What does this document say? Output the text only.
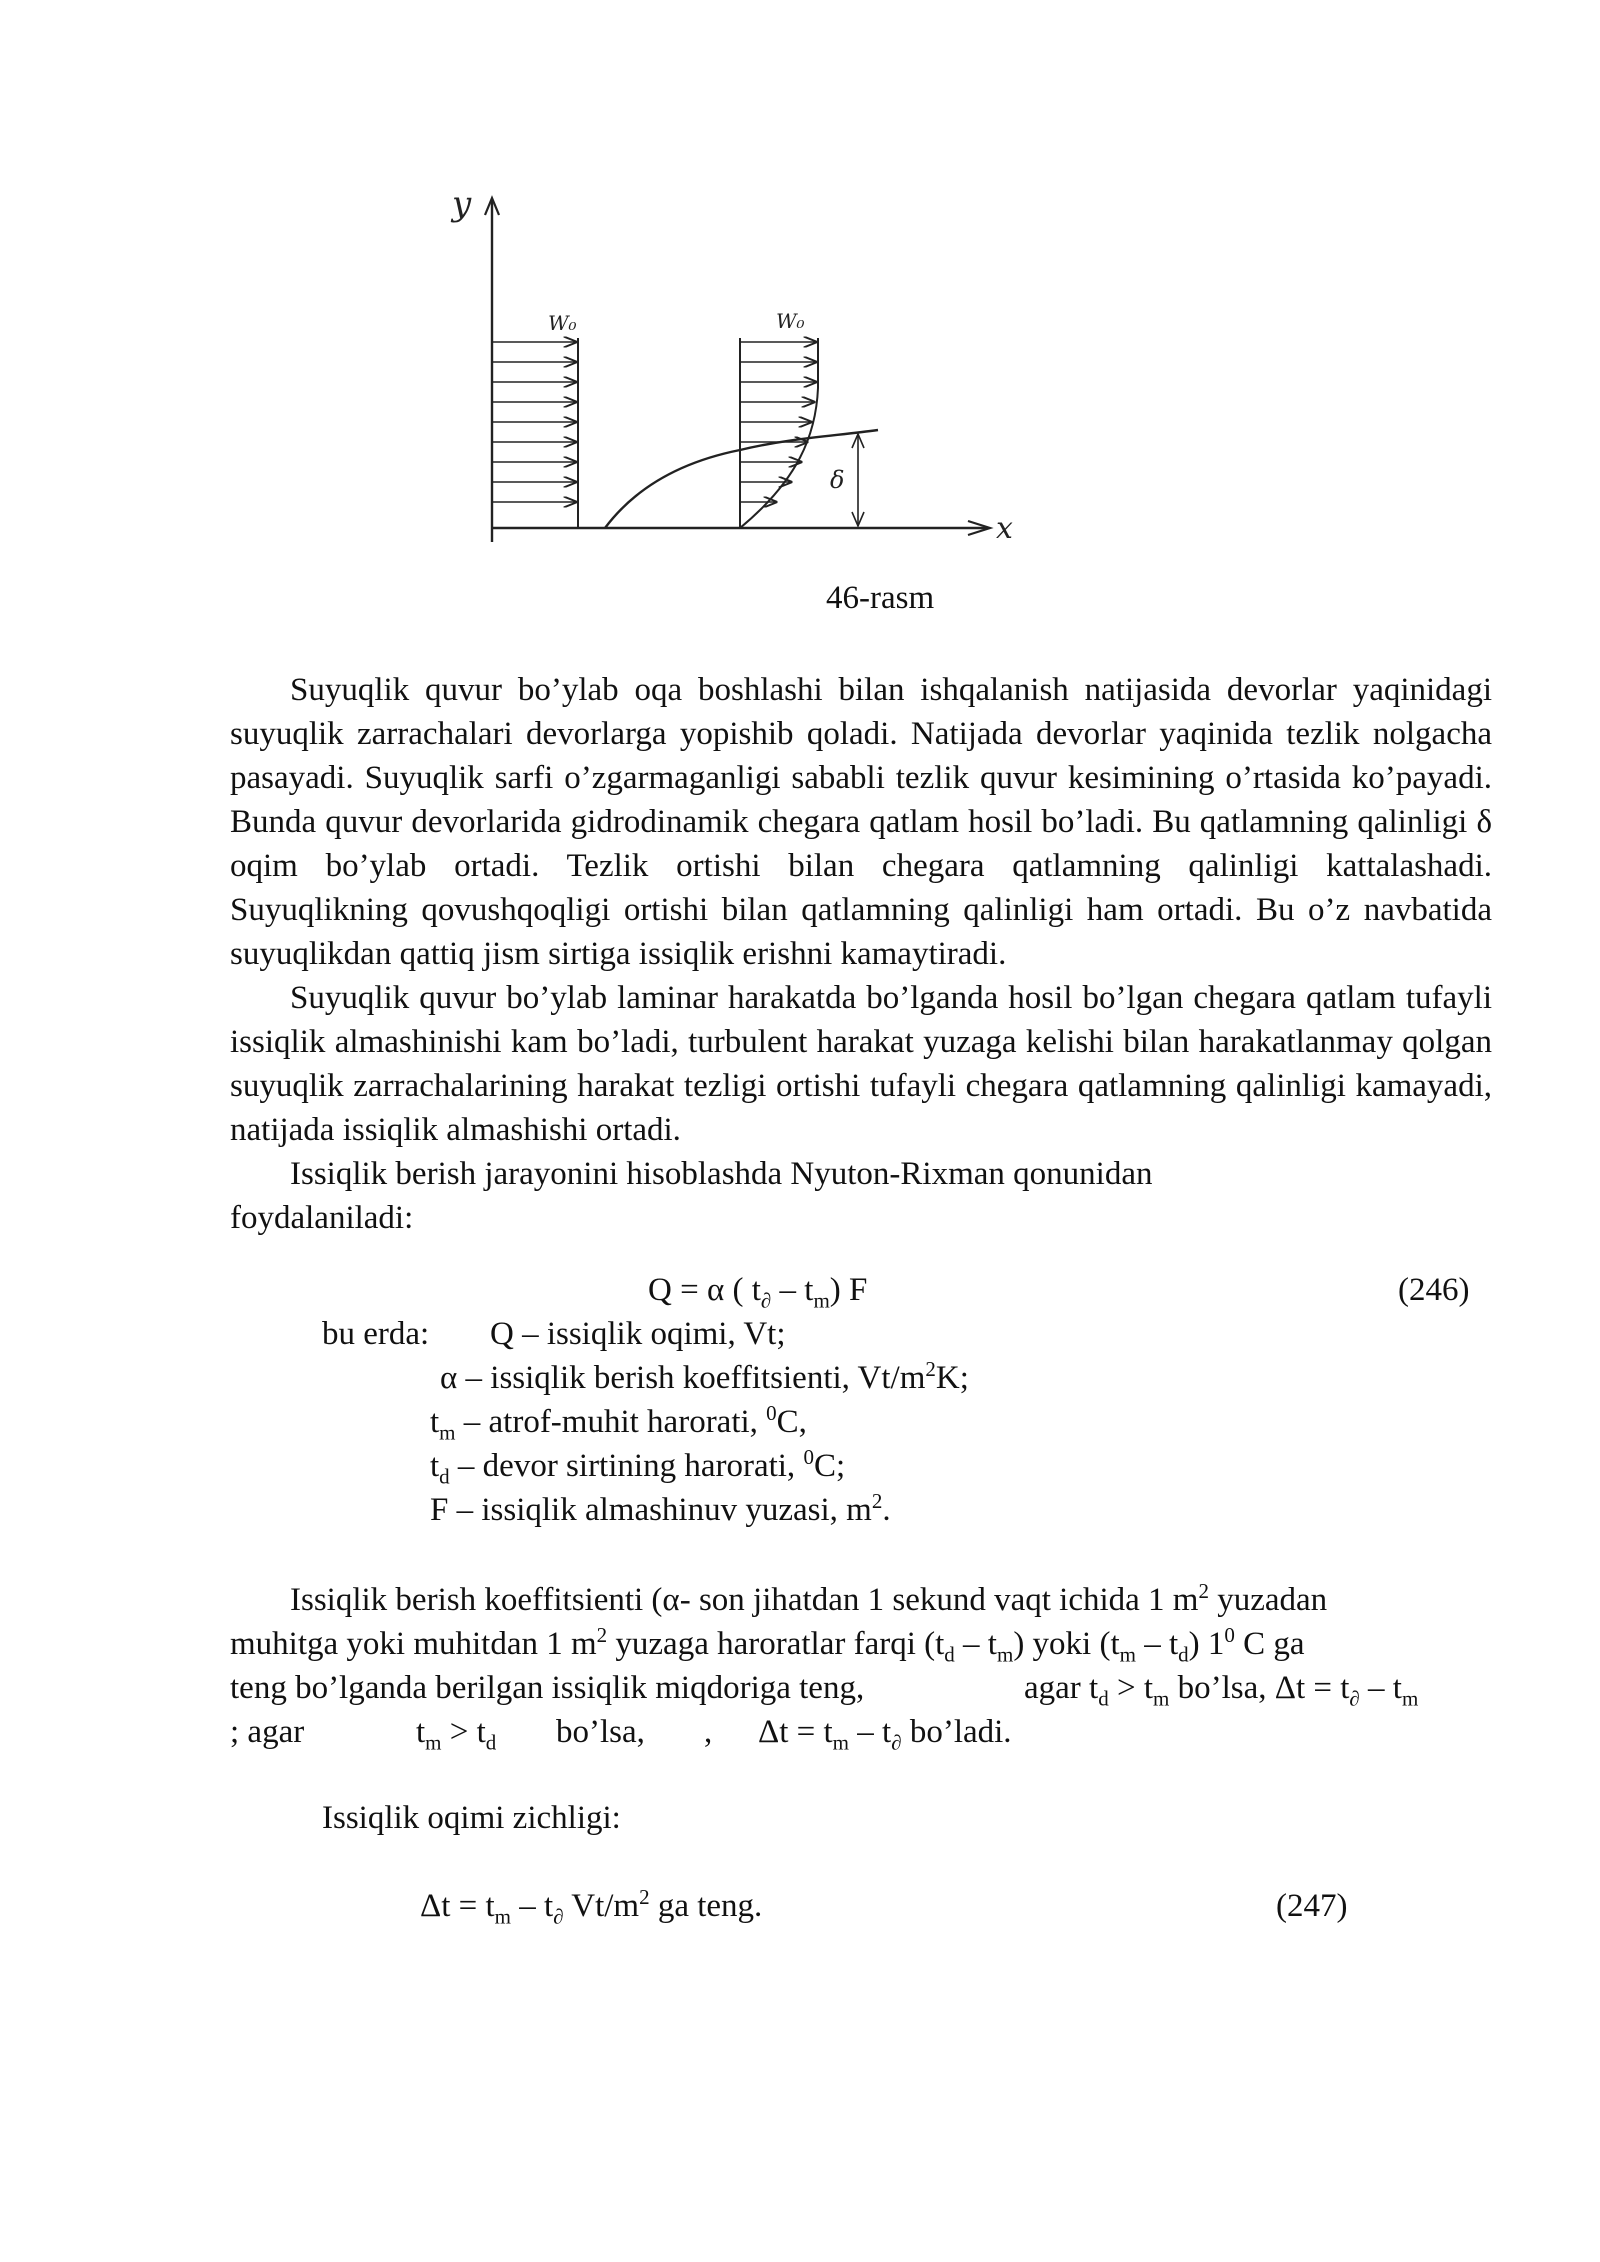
y
x
W₀	W₀
δ
46-rasm

Suyuqlik quvur bo’ylab oqa boshlashi bilan ishqalanish natijasida devorlar yaqinidagi suyuqlik zarrachalari devorlarga yopishib qoladi. Natijada devorlar yaqinida tezlik nolgacha pasayadi. Suyuqlik sarfi o’zgarmaganligi sababli tezlik quvur kesimining o’rtasida ko’payadi. Bunda quvur devorlarida gidrodinamik chegara qatlam hosil bo’ladi. Bu qatlamning qalinligi δ oqim bo’ylab ortadi. Tezlik ortishi bilan chegara qatlamning qalinligi kattalashadi. Suyuqlikning qovushqoqligi ortishi bilan qatlamning qalinligi ham ortadi. Bu o’z navbatida suyuqlikdan qattiq jism sirtiga issiqlik erishni kamaytiradi.

Suyuqlik quvur bo’ylab laminar harakatda bo’lganda hosil bo’lgan chegara qatlam tufayli issiqlik almashinishi kam bo’ladi, turbulent harakat yuzaga kelishi bilan harakatlanmay qolgan suyuqlik zarrachalarining harakat tezligi ortishi tufayli chegara qatlamning qalinligi kamayadi, natijada issiqlik almashishi ortadi.

Issiqlik berish jarayonini hisoblashda Nyuton-Rixman qonunidan

foydalaniladi:
Q = α ( $t_\partial - t_m$) F	(246)
bu erda: Q – issiqlik oqimi, Vt;
α – issiqlik berish koeffitsienti, $Vt/m^2K$;
$t_m$ – atrof-muhit harorati, $^0$C,
$t_d$ – devor sirtining harorati, $^0$C;
F – issiqlik almashinuv yuzasi, $m^2$.
Issiqlik berish koeffitsienti (α- son jihatdan 1 sekund vaqt ichida 1 $m^2$ yuzadan
muhitga yoki muhitdan 1 $m^2$ yuzaga haroratlar farqi $(t_d - t_m)$ yoki $(t_m - t_d)$ $1^0$ C ga
teng bo’lganda berilgan issiqlik miqdoriga teng,	agar $t_d > t_m$ bo’lsa, $\Delta t = t_\partial - t_m$
; agar	$t_m > t_d$ bo’lsa, , $\Delta t = t_m - t_\partial$ bo’ladi.
Issiqlik oqimi zichligi:
$\Delta t = t_m - t_\partial$ $Vt/m^2$ ga teng.	(247)
